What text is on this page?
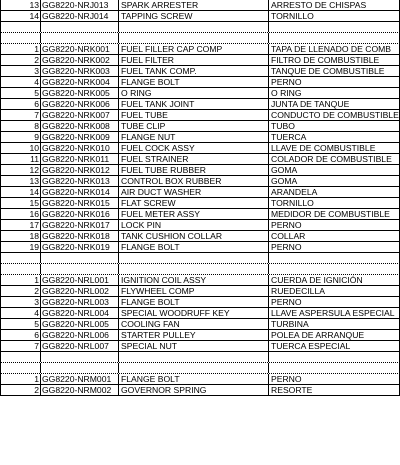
13 GG8220-NRJ013	SPARK ARRESTER	ARRESTO DE CHISPAS
14 GG8220-NRJ014	TAPPING SCREW	TORNILLO
1 GG8220-NRK001	FUEL FILLER CAP COMP	TAPA DE LLENADO DE COMB
2 GG8220-NRK002	FUEL FILTER	FILTRO DE COMBUSTIBLE
3 GG8220-NRK003	FUEL TANK COMP.	TANQUE DE COMBUSTIBLE
4 GG8220-NRK004	FLANGE BOLT	PERNO
5 GG8220-NRK005	O RING	O RING
6 GG8220-NRK006	FUEL TANK JOINT	JUNTA DE TANQUE
7 GG8220-NRK007	FUEL TUBE	CONDUCTO DE COMBUSTIBLE
8 GG8220-NRK008	TUBE CLIP	TUBO
9 GG8220-NRK009	FLANGE NUT	TUERCA
10 GG8220-NRK010	FUEL COCK ASSY	LLAVE DE COMBUSTIBLE
11 GG8220-NRK011	FUEL STRAINER	COLADOR DE COMBUSTIBLE
12 GG8220-NRK012	FUEL TUBE RUBBER	GOMA
13 GG8220-NRK013	CONTROL BOX RUBBER	GOMA
14 GG8220-NRK014	AIR DUCT WASHER	ARANDELA
15 GG8220-NRK015	FLAT SCREW	TORNILLO
16 GG8220-NRK016	FUEL METER ASSY	MEDIDOR DE COMBUSTIBLE
17 GG8220-NRK017	LOCK PIN	PERNO
18 GG8220-NRK018	TANK CUSHION COLLAR	COLLAR
19 GG8220-NRK019	FLANGE BOLT	PERNO
1 GG8220-NRL001	IGNITION COIL ASSY	CUERDA DE IGNICIÓN
2 GG8220-NRL002	FLYWHEEL COMP	RUEDECILLA
3 GG8220-NRL003	FLANGE BOLT	PERNO
4 GG8220-NRL004	SPECIAL WOODRUFF KEY	LLAVE ASPERSULA ESPECIAL
5 GG8220-NRL005	COOLING FAN	TURBINA
6 GG8220-NRL006	STARTER PULLEY	POLEA DE ARRANQUE
7 GG8220-NRL007	SPECIAL NUT	TUERCA ESPECIAL
1 GG8220-NRM001	FLANGE BOLT	PERNO
2 GG8220-NRM002	GOVERNOR SPRING	RESORTE
